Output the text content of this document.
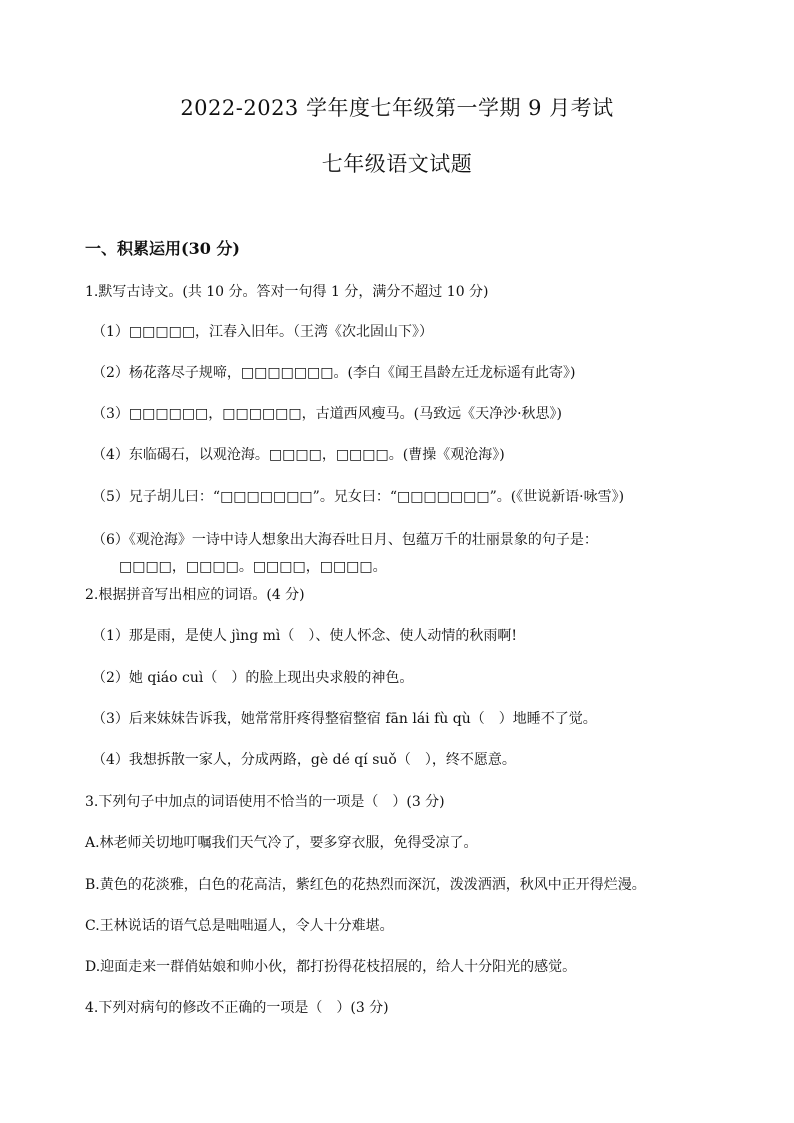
2022-2023 学年度七年级第一学期 9 月考试
七年级语文试题
一、积累运用(30 分)
1.默写古诗文。(共 10 分。答对一句得 1 分，满分不超过 10 分)
（1）□□□□□，江春入旧年。（王湾《次北固山下》）
（2）杨花落尽子规啼，□□□□□□□。(李白《闻王昌龄左迁龙标遥有此寄》)
（3）□□□□□□，□□□□□□，古道西风瘦马。(马致远《天净沙·秋思》)
（4）东临碣石，以观沧海。□□□□，□□□□。(曹操《观沧海》)
（5）兄子胡儿曰：“□□□□□□□”。兄女曰：“□□□□□□□”。(《世说新语·咏雪》)
（6）《观沧海》一诗中诗人想象出大海吞吐日月、包蕴万千的壮丽景象的句子是：
□□□□，□□□□。□□□□，□□□□。
2.根据拼音写出相应的词语。(4 分)
（1）那是雨，是使人 jìng mì（　）、使人怀念、使人动情的秋雨啊!
（2）她 qiáo cuì（　）的脸上现出央求般的神色。
（3）后来妹妹告诉我，她常常肝疼得整宿整宿 fān lái fù qù（　）地睡不了觉。
（4）我想拆散一家人，分成两路，gè dé qí suǒ（　），终不愿意。
3.下列句子中加点的词语使用不恰当的一项是（　）(3 分)
A.林老师关切地叮嘱我们天气冷了，要多穿衣服，免得受凉了。
B.黄色的花淡雅，白色的花高洁，紫红色的花热烈而深沉，泼泼洒洒，秋风中正开得烂漫。
C.王林说话的语气总是咄咄逼人，令人十分难堪。
D.迎面走来一群俏姑娘和帅小伙，都打扮得花枝招展的，给人十分阳光的感觉。
4.下列对病句的修改不正确的一项是（　）(3 分)
